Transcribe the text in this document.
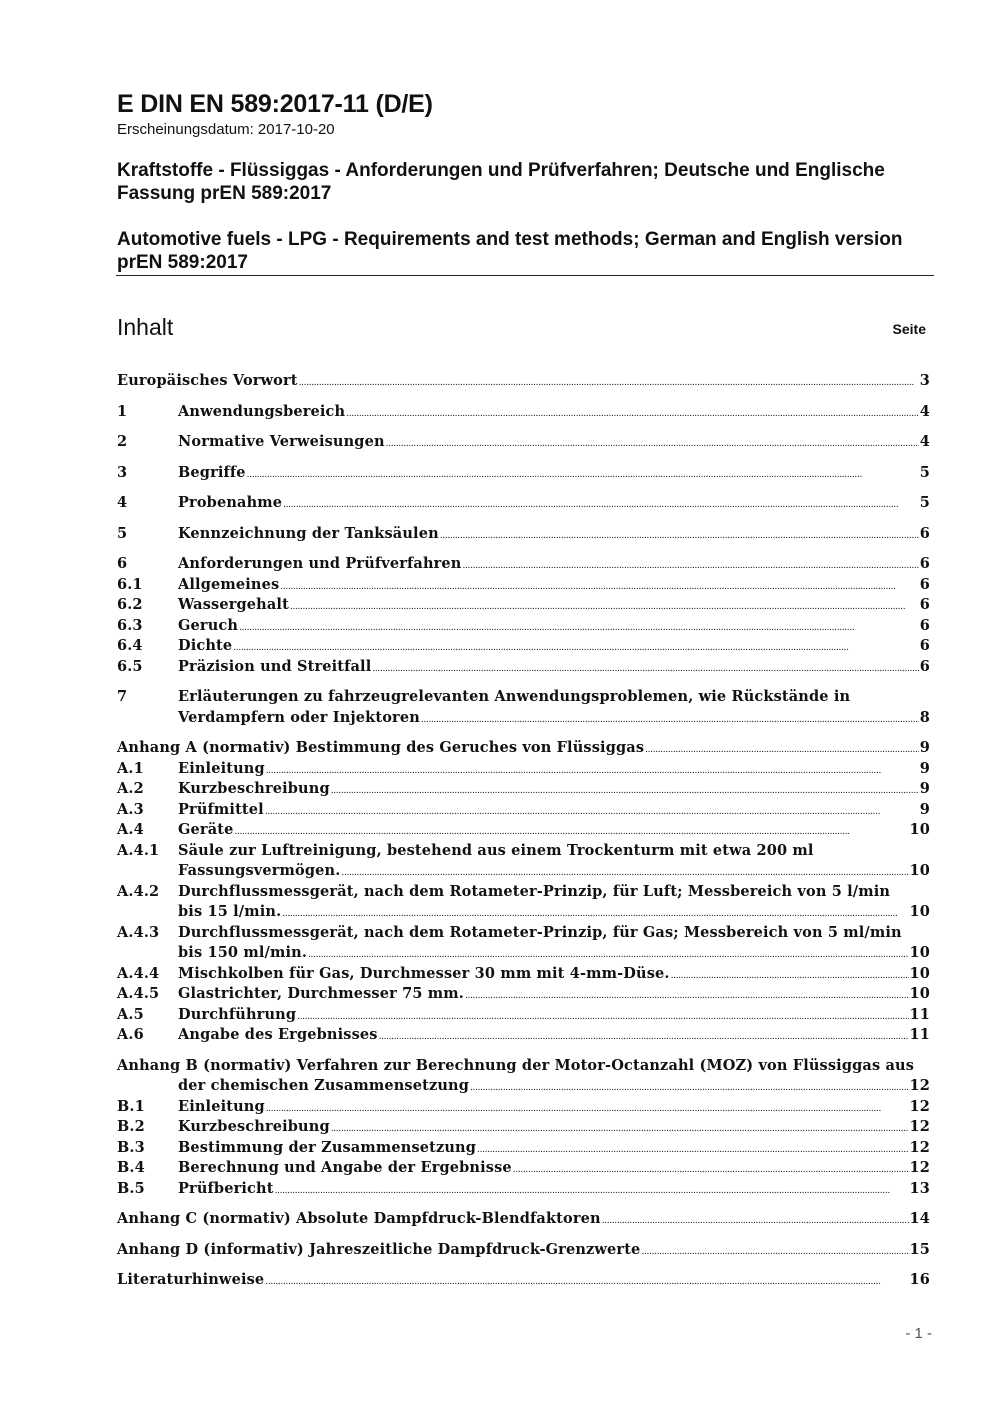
E DIN EN 589:2017-11 (D/E)
Erscheinungsdatum: 2017-10-20
Kraftstoffe - Flüssiggas - Anforderungen und Prüfverfahren; Deutsche und Englische Fassung prEN 589:2017
Automotive fuels - LPG - Requirements and test methods; German and English version prEN 589:2017
Inhalt	Seite
Europäisches Vorwort . . .	3
1	Anwendungsbereich . . .	4
2	Normative Verweisungen . . .	4
3	Begriffe . . .	5
4	Probenahme . . .	5
5	Kennzeichnung der Tanksäulen . . .	6
6	Anforderungen und Prüfverfahren . . .	6
6.1 Allgemeines . . .	6
6.2 Wassergehalt . . .	6
6.3 Geruch . . .	6
6.4 Dichte . . .	6
6.5 Präzision und Streitfall . . .	6
7	Erläuterungen zu fahrzeugrelevanten Anwendungsproblemen, wie Rückstände in
Verdampfern oder Injektoren . . .	8
Anhang A (normativ) Bestimmung des Geruches von Flüssiggas . . .	9
A.1 Einleitung . . .	9
A.2 Kurzbeschreibung . . .	9
A.3 Prüfmittel . . .	9
A.4 Geräte . . .	10
A.4.1 Säule zur Luftreinigung, bestehend aus einem Trockenturm mit etwa 200 ml
Fassungsvermögen. . . .	10
A.4.2 Durchflussmessgerät, nach dem Rotameter-Prinzip, für Luft; Messbereich von 5 l/min
bis 15 l/min. . . .	10
A.4.3 Durchflussmessgerät, nach dem Rotameter-Prinzip, für Gas; Messbereich von 5 ml/min
bis 150 ml/min. . . .	10
A.4.4 Mischkolben für Gas, Durchmesser 30 mm mit 4-mm-Düse. . . .	10
A.4.5 Glastrichter, Durchmesser 75 mm. . . .	10
A.5 Durchführung . . .	11
A.6 Angabe des Ergebnisses . . .	11
Anhang B (normativ) Verfahren zur Berechnung der Motor-Octanzahl (MOZ) von Flüssiggas aus
der chemischen Zusammensetzung . . .	12
B.1 Einleitung . . .	12
B.2 Kurzbeschreibung . . .	12
B.3 Bestimmung der Zusammensetzung . . .	12
B.4 Berechnung und Angabe der Ergebnisse . . .	12
B.5 Prüfbericht . . .	13
Anhang C (normativ) Absolute Dampfdruck-Blendfaktoren . . .	14
Anhang D (informativ) Jahreszeitliche Dampfdruck-Grenzwerte . . .	15
Literaturhinweise . . .	16
- 1 -
